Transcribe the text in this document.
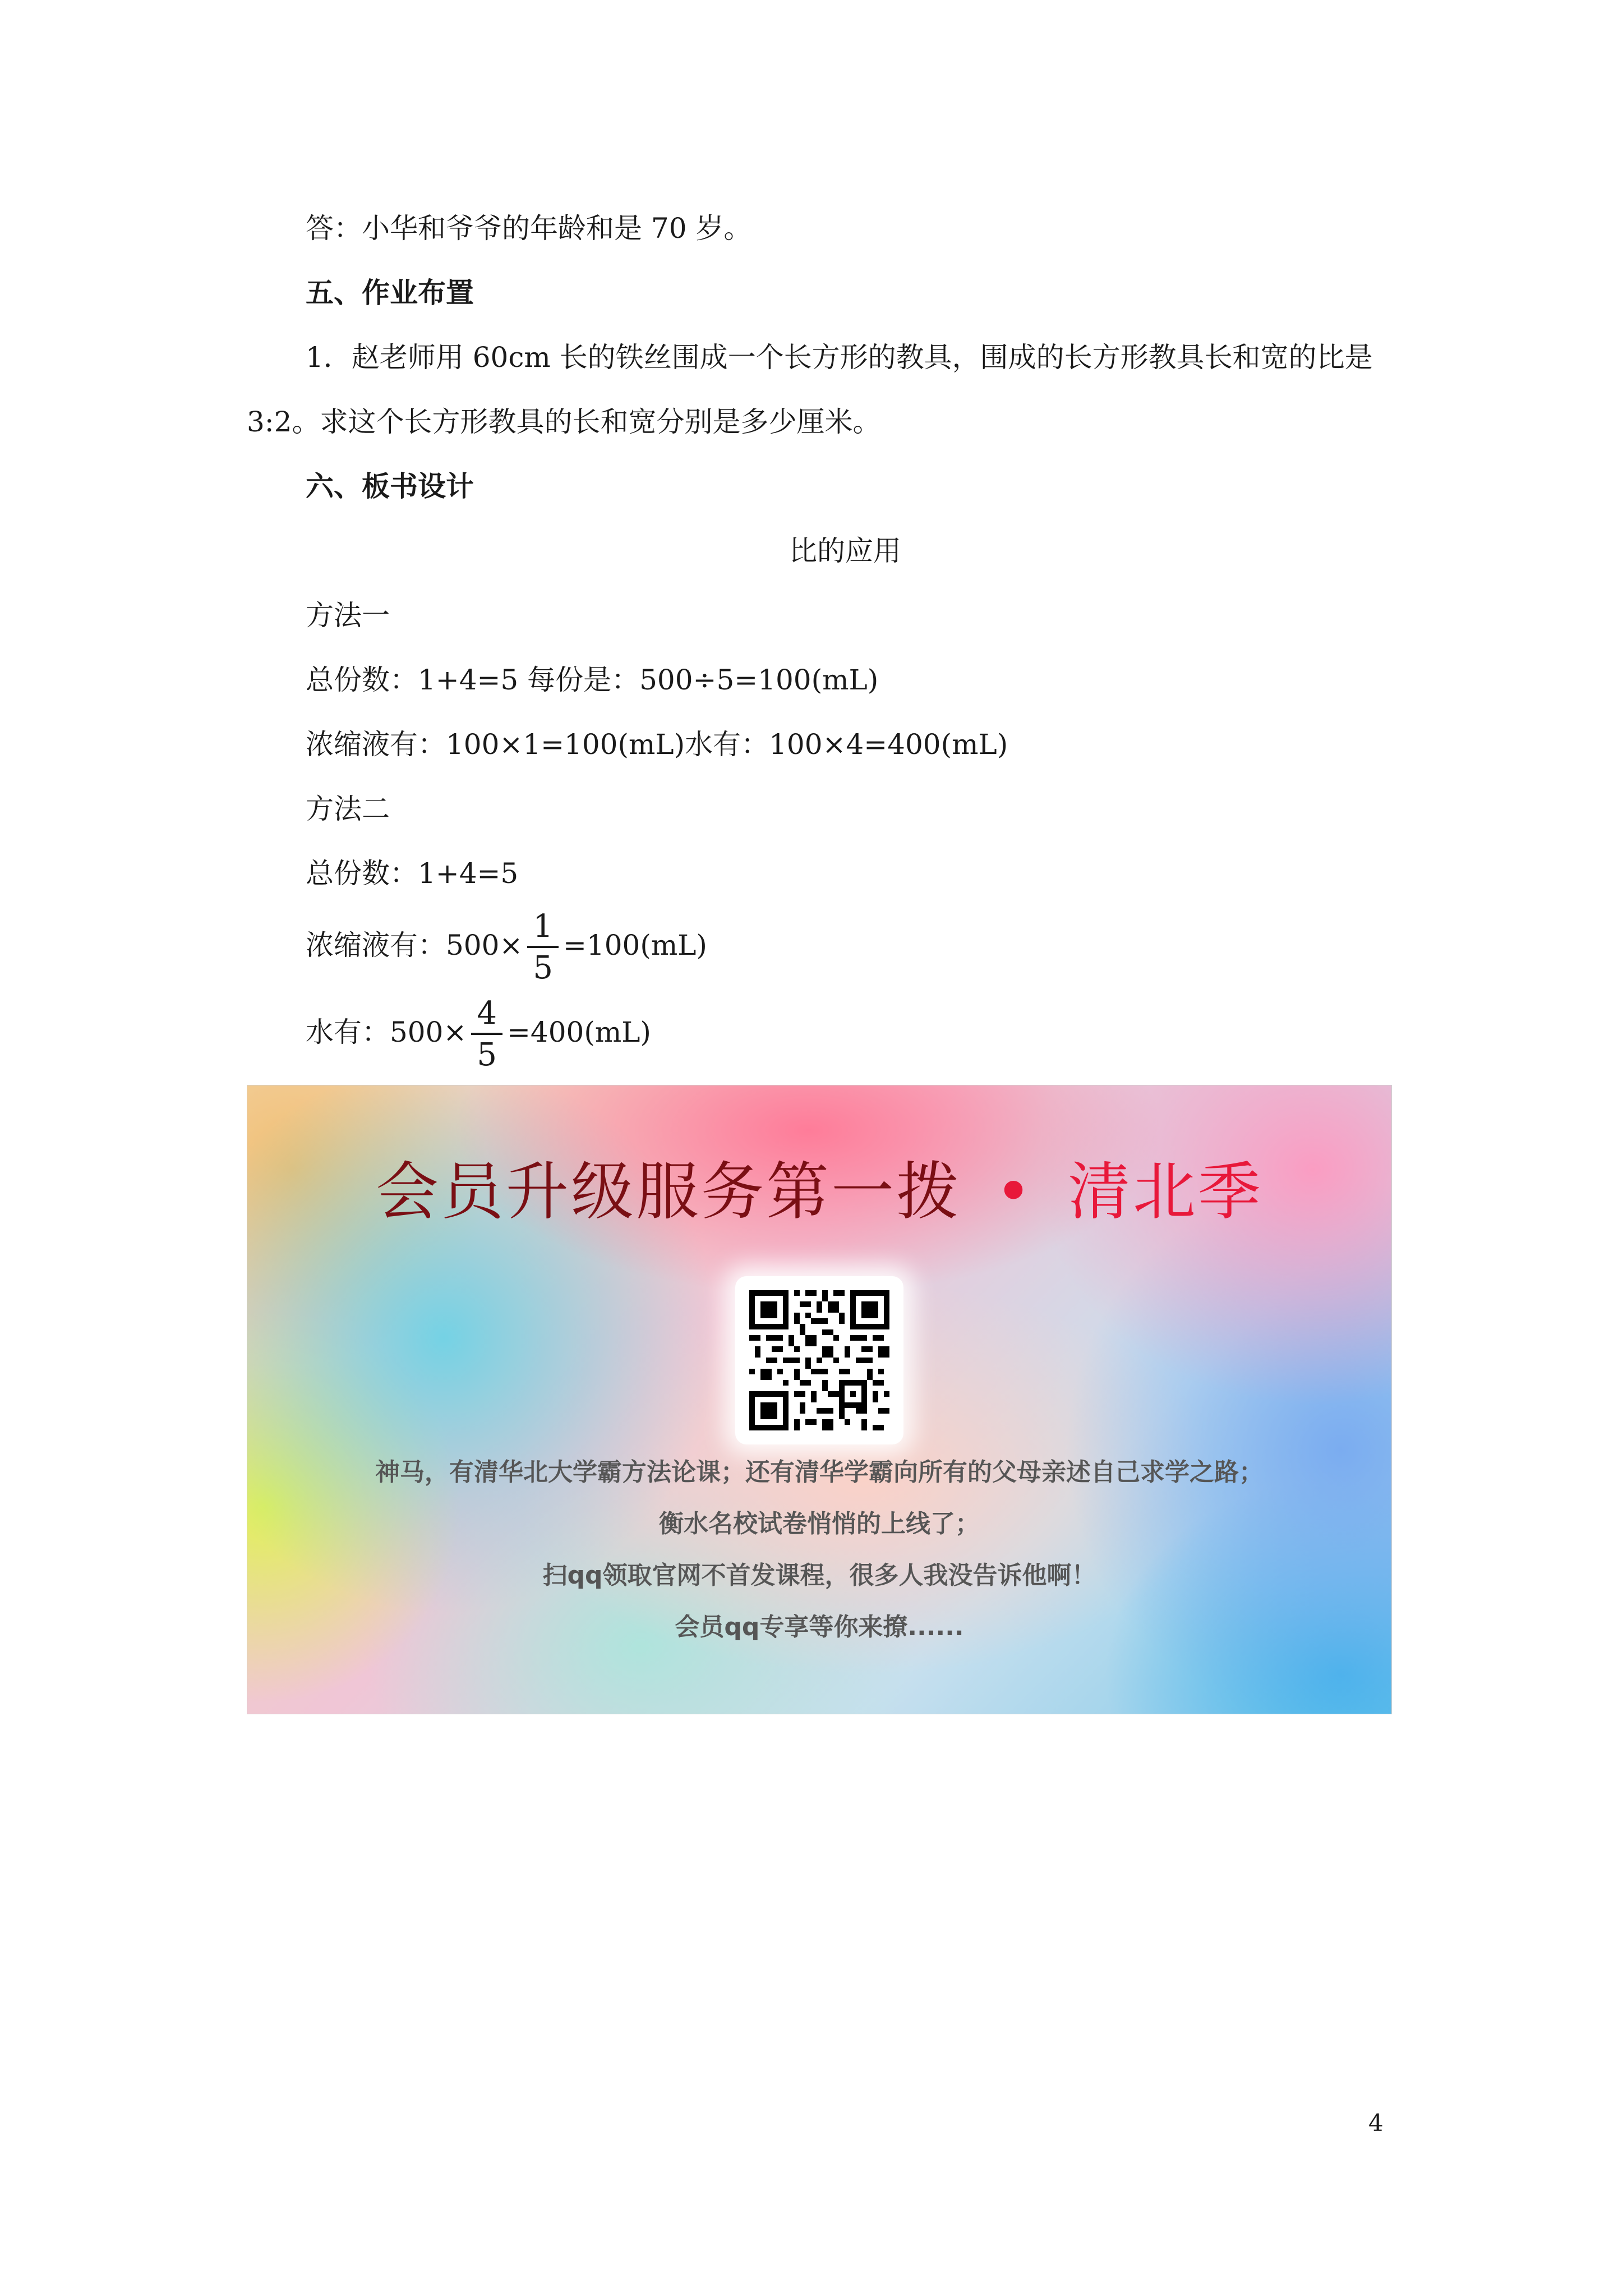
答：小华和爷爷的年龄和是 70 岁。
五、作业布置
1．赵老师用 60cm 长的铁丝围成一个长方形的教具，围成的长方形教具长和宽的比是
3:2。求这个长方形教具的长和宽分别是多少厘米。
六、板书设计
比的应用
方法一
总份数：1+4=5 每份是：500÷5=100(mL)
浓缩液有：100×1=100(mL)水有：100×4=400(mL)
方法二
总份数：1+4=5
浓缩液有：$500\times \frac{1}{5} =100(mL)$
水有：$500\times \frac{4}{5} =400(mL)$
会员升级服务第一拨 • 清北季
神马，有清华北大学霸方法论课；还有清华学霸向所有的父母亲述自己求学之路；
衡水名校试卷悄悄的上线了；
扫qq领取官网不首发课程，很多人我没告诉他啊！
会员qq专享等你来撩......
4
